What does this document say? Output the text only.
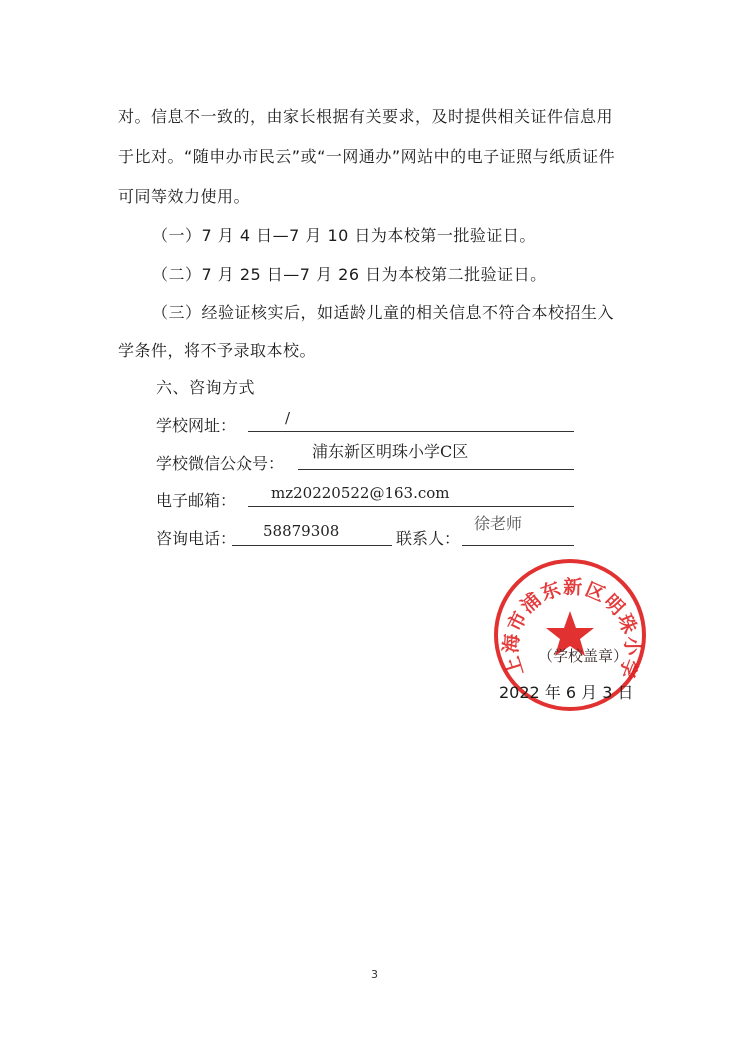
对。信息不一致的，由家长根据有关要求，及时提供相关证件信息用
于比对。“随申办市民云”或“一网通办”网站中的电子证照与纸质证件
可同等效力使用。
（一）7 月 4 日—7 月 10 日为本校第一批验证日。
（二）7 月 25 日—7 月 26 日为本校第二批验证日。
（三）经验证核实后，如适龄儿童的相关信息不符合本校招生入
学条件，将不予录取本校。
六、咨询方式
学校网址：	/
学校微信公众号：
浦东新区明珠小学C区
电子邮箱： mz20220522@163.com
咨询电话： 58879308	联系人：
徐老师
上海市浦东新区明珠小学
（学校盖章）
2022 年 6 月 3 日
3
